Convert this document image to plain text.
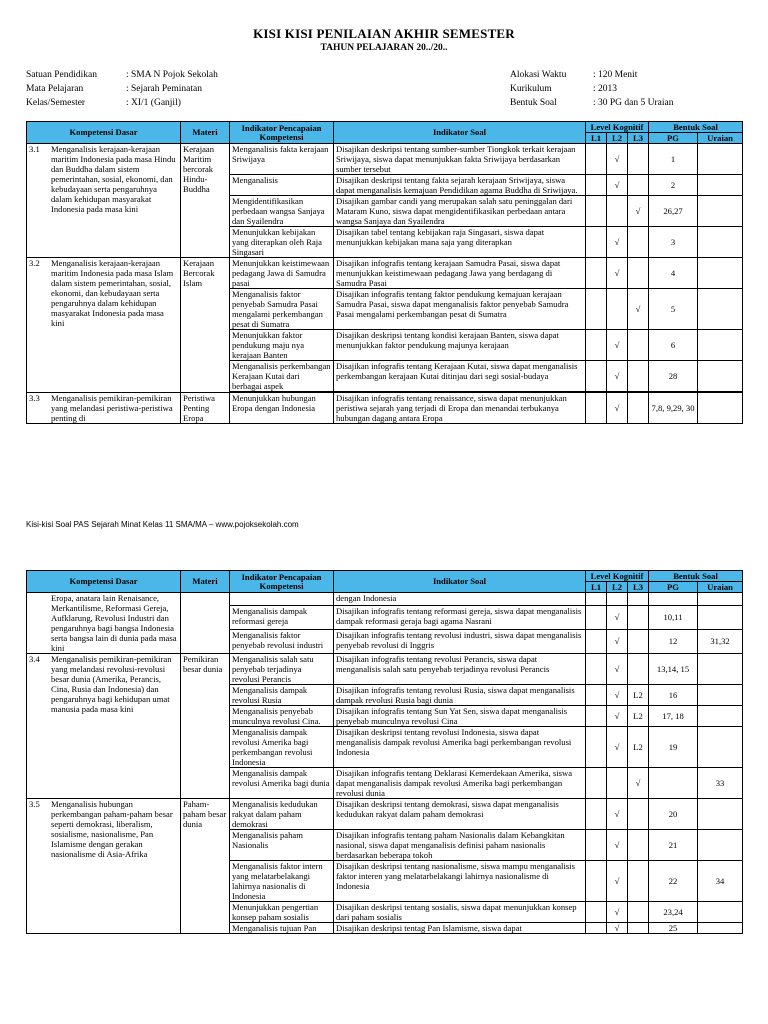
KISI KISI PENILAIAN AKHIR SEMESTER
TAHUN PELAJARAN 20../20..
Satuan Pendidikan	: SMA N Pojok Sekolah
Mata Pelajaran	: Sejarah Peminatan
Kelas/Semester	: XI/1 (Ganjil)
Alokasi Waktu	: 120 Menit
Kurikulum	: 2013
Bentuk Soal	: 30 PG dan 5 Uraian
Kompetensi Dasar	Materi	Indikator Pencapaian Kompetensi	Indikator Soal	Level Kognitif			Bentuk Soal	
				L1	L2	L3	PG	Uraian

3.1 Menganalisis kerajaan-kerajaan maritim Indonesia pada masa Hindu dan Buddha dalam sistem pemerintahan, sosial, ekonomi, dan kebudayaan serta pengaruhnya dalam kehidupan masyarakat Indonesia pada masa kini	Kerajaan Maritim bercorak Hindu-Buddha	Menganalisis fakta kerajaan Sriwijaya	Disajikan deskripsi tentang sumber-sumber Tiongkok terkait kerajaan Sriwijaya, siswa dapat menunjukkan fakta Sriwijaya berdasarkan sumber tersebut		√		1	
		Menganalisis	Disajikan deskripsi tentang fakta sejarah kerajaan Sriwijaya, siswa dapat menganalisis kemajuan Pendidikan agama Buddha di Sriwijaya.		√		2	
		Mengidentifikasikan perbedaan wangsa Sanjaya dan Syailendra	Disajikan gambar candi yang merupakan salah satu peninggalan dari Mataram Kuno, siswa dapat mengidentifikasikan perbedaan antara wangsa Sanjaya dan Syailendra			√	26,27	
		Menunjukkan kebijakan yang diterapkan oleh Raja Singasari	Disajikan tabel tentang kebijakan raja Singasari, siswa dapat menunjukkan kebijakan mana saja yang diterapkan		√		3	

3.2 Menganalisis kerajaan-kerajaan maritim Indonesia pada masa Islam dalam sistem pemerintahan, sosial, ekonomi, dan kebudayaan serta pengaruhnya dalam kehidupan masyarakat Indonesia pada masa kini	Kerajaan Bercorak Islam	Menunjukkan keistimewaan pedagang Jawa di Samudra pasai	Disajikan infografis tentang kerajaan Samudra Pasai, siswa dapat menunjukkan keistimewaan pedagang Jawa yang berdagang di Samudra Pasai		√		4	
		Menganalisis faktor penyebab Samudra Pasai mengalami perkembangan pesat di Sumatra	Disajikan infografis tentang faktor pendukung kemajuan kerajaan Samudra Pasai, siswa dapat menganalisis faktor penyebab Samudra Pasai mengalami perkembangan pesat di Sumatra			√	5	
		Menunjukkan faktor pendukung maju nya kerajaan Banten	Disajikan deskripsi tentang kondisi kerajaan Banten, siswa dapat menunjukkan faktor pendukung majunya kerajaan		√		6	
		Menganalisis perkembangan Kerajaan Kutai dari berbagai aspek	Disajikan infografis tentang Kerajaan Kutai, siswa dapat menganalisis perkembangan kerajaan Kutai ditinjau dari segi sosial-budaya		√		28	

3.3 Menganalisis pemikiran-pemikiran yang melandasi peristiwa-peristiwa penting di	Peristiwa Penting Eropa	Menunjukkan hubungan Eropa dengan Indonesia	Disajikan infografis tentang renaissance, siswa dapat menunjukkan peristiwa sejarah yang terjadi di Eropa dan menandai terbukanya hubungan dagang antara Eropa		√		7,8, 9,29, 30	
Kisi-kisi Soal PAS Sejarah Minat Kelas 11 SMA/MA – www.pojoksekolah.com
Kompetensi Dasar	Materi	Indikator Pencapaian Kompetensi	Indikator Soal	Level Kognitif			Bentuk Soal	
				L1	L2	L3	PG	Uraian

Eropa, anatara lain Renaisance, Merkantilisme, Reformasi Gereja, Aufklarung, Revolusi Industri dan pengaruhnya bagi bangsa Indonesia serta bangsa lain di dunia pada masa kini			dengan Indonesia					
		Menganalisis dampak reformasi gereja	Disajikan infografis tentang reformasi gereja, siswa dapat menganalisis dampak reformasi geraja bagi agama Nasrani		√		10,11	
		Menganalisis faktor penyebab revolusi industri	Disajikan infografis tentang revolusi industri, siswa dapat menganalisis penyebab revolusi di Inggris		√		12	31,32

3.4 Menganalisis pemikiran-pemikiran yang melandasi revolusi-revolusi besar dunia (Amerika, Perancis, Cina, Rusia dan Indonesia) dan pengaruhnya bagi kehidupan umat manusia pada masa kini	Pemikiran besar dunia	Menganalisis salah satu penyebab terjadinya revolusi Perancis	Disajikan infografis tentang revolusi Perancis, siswa dapat menganalisis salah satu penyebab terjadinya revolusi Perancis		√		13,14, 15	
		Menganalisis dampak revolusi Rusia	Disajikan infografis tentang revolusi Rusia, siswa dapat menganalisis dampak revolusi Rusia bagi dunia		√	L2	16	
		Menganalisis penyebab munculnya revolusi Cina.	Disajikan infografis tentang Sun Yat Sen, siswa dapat menganalisis penyebab munculnya revolusi Cina		√	L2	17, 18	
		Menganalisis dampak revolusi Amerika bagi perkembangan revolusi Indonesia	Disajikan deskripsi tentang revolusi Indonesia, siswa dapat menganalisis dampak revolusi Amerika bagi perkembangan revolusi Indonesia		√	L2	19	
		Menganalisis dampak revolusi Amerika bagi dunia	Disajikan infografis tentang Deklarasi Kemerdekaan Amerika, siswa dapat menganalisis dampak revolusi Amerika bagi perkembangan revolusi dunia			√		33

3.5 Menganalisis hubungan perkembangan paham-paham besar seperti demokrasi, liberalism, sosialisme, nasionalisme, Pan Islamisme dengan gerakan nasionalisme di Asia-Afrika	Paham-paham besar dunia	Menganalisis kedudukan rakyat dalam paham demokrasi	Disajikan deskripsi tentang demokrasi, siswa dapat menganalisis kedudukan rakyat dalam paham demokrasi		√		20	
		Menganalisis paham Nasionalis	Disajikan infografis tentang paham Nasionalis dalam Kebangkitan nasional, siswa dapat menganalisis definisi paham nasionalis berdasarkan beberapa tokoh		√		21	
		Menganalisis faktor intern yang melatarbelakangi lahirnya nasionalis di Indonesia	Disajikan deskripsi tentang nasionalisme, siswa mampu menganalisis faktor interen yang melatarbelakangi lahirnya nasionalisme di Indonesia		√		22	34
		Menunjukkan pengertian konsep paham sosialis	Disajikan deskripsi tentang sosialis, siswa dapat menunjukkan konsep dari paham sosialis		√		23,24	
		Menganalisis tujuan Pan	Disajikan deskripsi tentag Pan Islamisme, siswa dapat		√		25	
